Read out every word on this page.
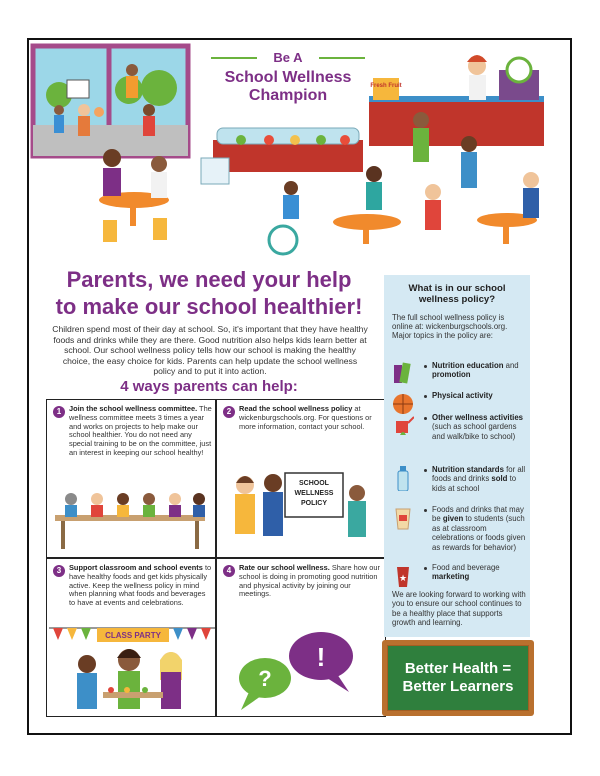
Fresh Fruit
Be A
School Wellness
Champion
Parents, we need your help
to make our school healthier!
Children spend most of their day at school. So, it's important that they have healthy foods and drinks while they are there. Good nutrition also helps kids learn better at school. Our school wellness policy tells how our school is making the healthy choice, the easy choice for kids. Parents can help update the school wellness policy and to put it into action.
4 ways parents can help:
1	Join the school wellness committee. The wellness committee meets 3 times a year and works on projects to help make our school healthier. You do not need any special training to be on the committee, just an interest in keeping our school healthy!
2	Read the school wellness policy at wickenburgschools.org. For questions or more information, contact your school.
SCHOOL
WELLNESS
POLICY
3	Support classroom and school events to have healthy foods and get kids physically active. Keep the wellness policy in mind when planning what foods and beverages to have at events and celebrations.
CLASS PARTY
4	Rate our school wellness. Share how our school is doing in promoting good nutrition and physical activity by joining our meetings.
?
!
What is in our school wellness policy?
The full school wellness policy is online at: wickenburgschools.org. Major topics in the policy are:
Nutrition education and promotion
Physical activity
Other wellness activities (such as school gardens and walk/bike to school)
Nutrition standards for all foods and drinks sold to kids at school
Foods and drinks that may be given to students (such as at classroom celebrations or foods given as rewards for behavior)
★
Food and beverage marketing
We are looking forward to working with you to ensure our school continues to be a healthy place that supports growth and learning.
Better Health =
Better Learners
